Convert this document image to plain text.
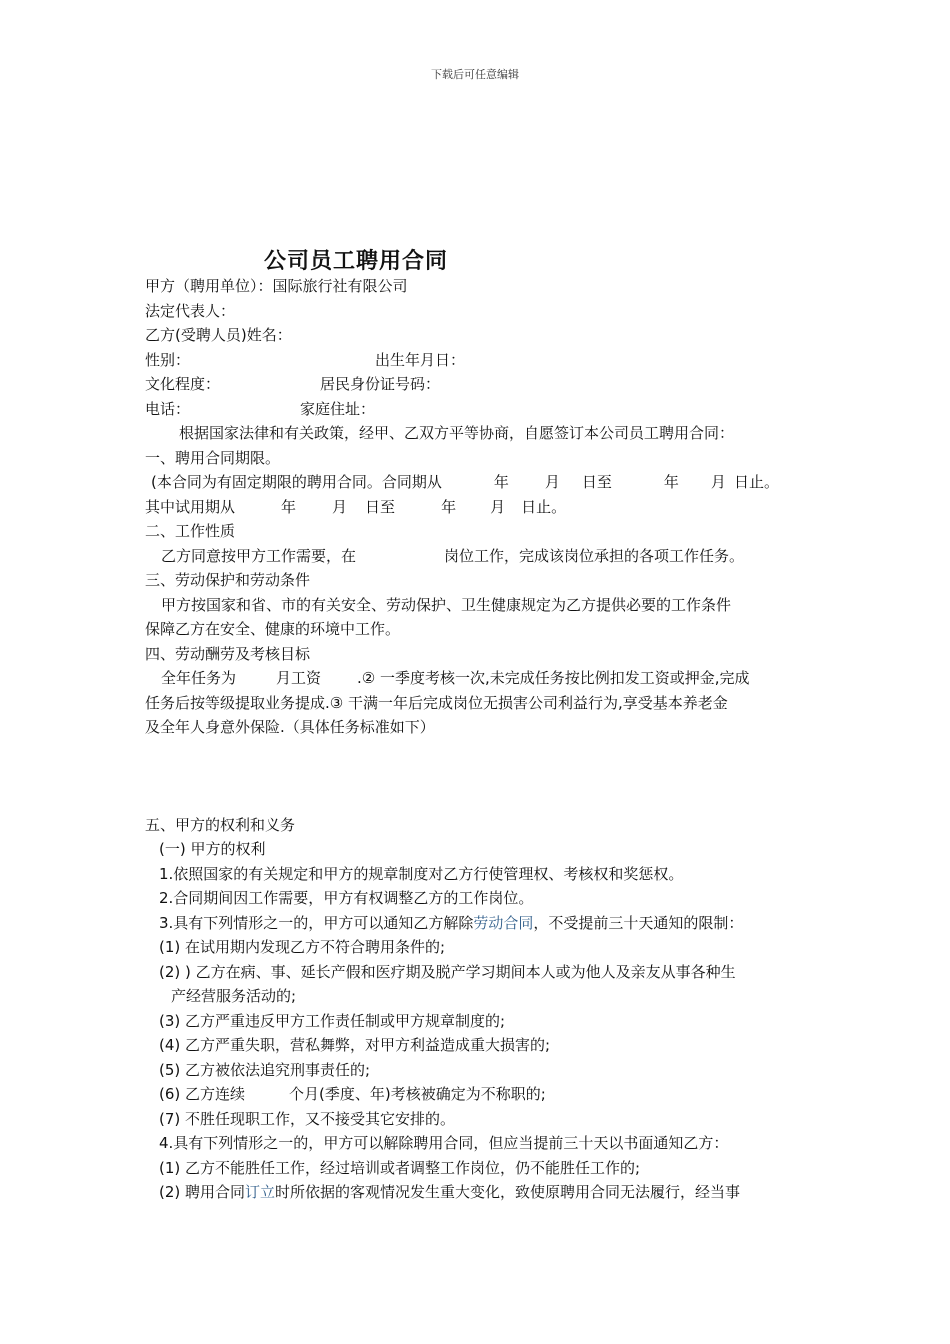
下载后可任意编辑
公司员工聘用合同
甲方（聘用单位）：国际旅行社有限公司
法定代表人：
乙方(受聘人员)姓名：
性别：	出生年月日：
文化程度：	居民身份证号码：
电话：	家庭住址：
根据国家法律和有关政策，经甲、乙双方平等协商，自愿签订本公司员工聘用合同：
一、聘用合同期限。
(本合同为有固定期限的聘用合同。合同期从	年 月 日至	年 月 日止。
其中试用期从	年 月 日至	年 月 日止。
二、工作性质
乙方同意按甲方工作需要，在	岗位工作，完成该岗位承担的各项工作任务。
三、劳动保护和劳动条件
甲方按国家和省、市的有关安全、劳动保护、卫生健康规定为乙方提供必要的工作条件
保障乙方在安全、健康的环境中工作。
四、劳动酬劳及考核目标
全年任务为	月工资 .② 一季度考核一次,未完成任务按比例扣发工资或押金,完成
任务后按等级提取业务提成.③ 干满一年后完成岗位无损害公司利益行为,享受基本养老金
及全年人身意外保险.（具体任务标准如下）
五、甲方的权利和义务
(一) 甲方的权利
1.依照国家的有关规定和甲方的规章制度对乙方行使管理权、考核权和奖惩权。
2.合同期间因工作需要，甲方有权调整乙方的工作岗位。
3.具有下列情形之一的，甲方可以通知乙方解除劳动合同，不受提前三十天通知的限制：
(1) 在试用期内发现乙方不符合聘用条件的;
(2) ) 乙方在病、事、延长产假和医疗期及脱产学习期间本人或为他人及亲友从事各种生
产经营服务活动的;
(3) 乙方严重违反甲方工作责任制或甲方规章制度的;
(4) 乙方严重失职，营私舞弊，对甲方利益造成重大损害的;
(5) 乙方被依法追究刑事责任的;
(6) 乙方连续	个月(季度、年)考核被确定为不称职的;
(7) 不胜任现职工作，又不接受其它安排的。
4.具有下列情形之一的，甲方可以解除聘用合同，但应当提前三十天以书面通知乙方：
(1) 乙方不能胜任工作，经过培训或者调整工作岗位，仍不能胜任工作的;
(2) 聘用合同订立时所依据的客观情况发生重大变化，致使原聘用合同无法履行，经当事
